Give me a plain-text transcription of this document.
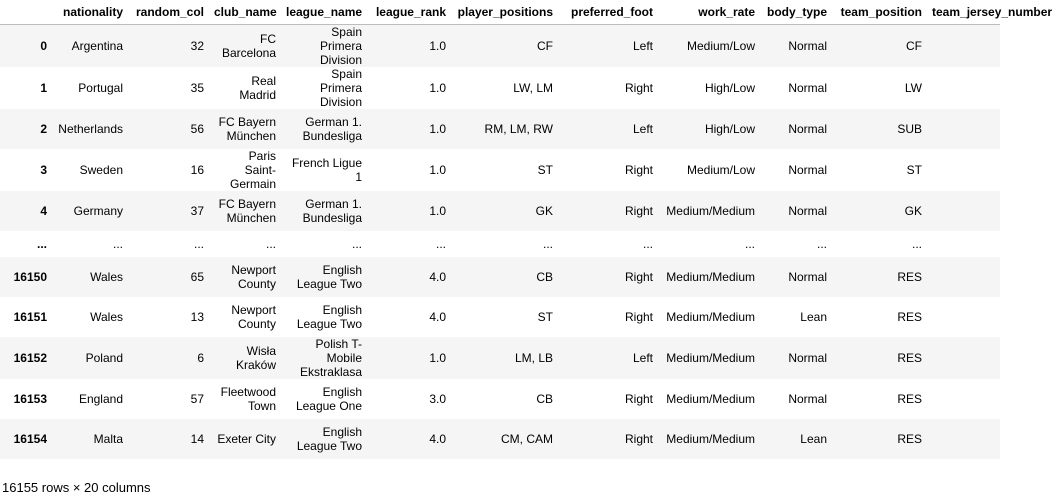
	nationality	random_col	club_name	league_name	league_rank	player_positions	preferred_foot	work_rate	body_type	team_position	team_jersey_number
0	Argentina	32	FC Barcelona	Spain Primera Division	1.0	CF	Left	Medium/Low	Normal	CF	
1	Portugal	35	Real Madrid	Spain Primera Division	1.0	LW, LM	Right	High/Low	Normal	LW	
2	Netherlands	56	FC Bayern München	German 1. Bundesliga	1.0	RM, LM, RW	Left	High/Low	Normal	SUB	
3	Sweden	16	Paris Saint-Germain	French Ligue 1	1.0	ST	Right	Medium/Low	Normal	ST	
4	Germany	37	FC Bayern München	German 1. Bundesliga	1.0	GK	Right	Medium/Medium	Normal	GK	
...	...	...	...	...	...	...	...	...	...	...	
16150	Wales	65	Newport County	English League Two	4.0	CB	Right	Medium/Medium	Normal	RES	
16151	Wales	13	Newport County	English League Two	4.0	ST	Right	Medium/Medium	Lean	RES	
16152	Poland	6	Wisła Kraków	Polish T-Mobile Ekstraklasa	1.0	LM, LB	Left	Medium/Medium	Normal	RES	
16153	England	57	Fleetwood Town	English League One	3.0	CB	Right	Medium/Medium	Normal	RES	
16154	Malta	14	Exeter City	English League Two	4.0	CM, CAM	Right	Medium/Medium	Lean	RES	
16155 rows × 20 columns
